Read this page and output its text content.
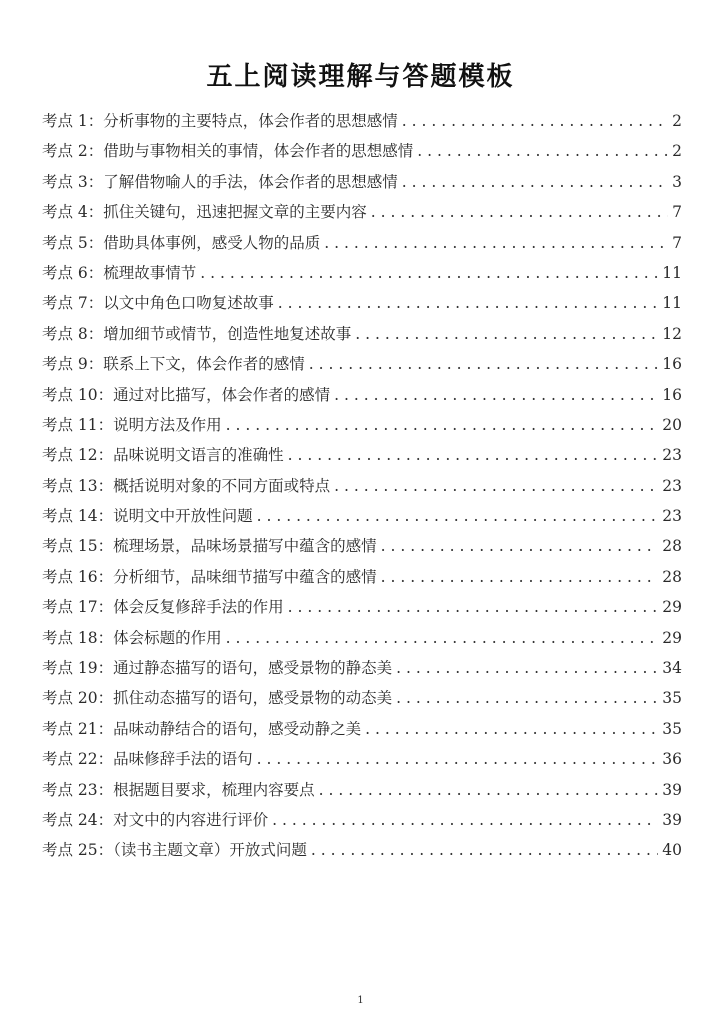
五上阅读理解与答题模板
考点 1：分析事物的主要特点，体会作者的思想感情 . . .	2
考点 2：借助与事物相关的事情，体会作者的思想感情 . . .	2
考点 3：了解借物喻人的手法，体会作者的思想感情 . . .	3
考点 4：抓住关键句，迅速把握文章的主要内容 . . .	7
考点 5：借助具体事例，感受人物的品质 . . .	7
考点 6：梳理故事情节 . . .	11
考点 7：以文中角色口吻复述故事 . . .	11
考点 8：增加细节或情节，创造性地复述故事 . . .	12
考点 9：联系上下文，体会作者的感情 . . .	16
考点 10：通过对比描写，体会作者的感情 . . .	16
考点 11：说明方法及作用 . . .	20
考点 12：品味说明文语言的准确性 . . .	23
考点 13：概括说明对象的不同方面或特点 . . .	23
考点 14：说明文中开放性问题 . . .	23
考点 15：梳理场景，品味场景描写中蕴含的感情 . . .	28
考点 16：分析细节，品味细节描写中蕴含的感情 . . .	28
考点 17：体会反复修辞手法的作用 . . .	29
考点 18：体会标题的作用 . . .	29
考点 19：通过静态描写的语句，感受景物的静态美 . . .	34
考点 20：抓住动态描写的语句，感受景物的动态美 . . .	35
考点 21：品味动静结合的语句，感受动静之美 . . .	35
考点 22：品味修辞手法的语句 . . .	36
考点 23：根据题目要求，梳理内容要点 . . .	39
考点 24：对文中的内容进行评价 . . .	39
考点 25：（读书主题文章）开放式问题 . . .	40
1
